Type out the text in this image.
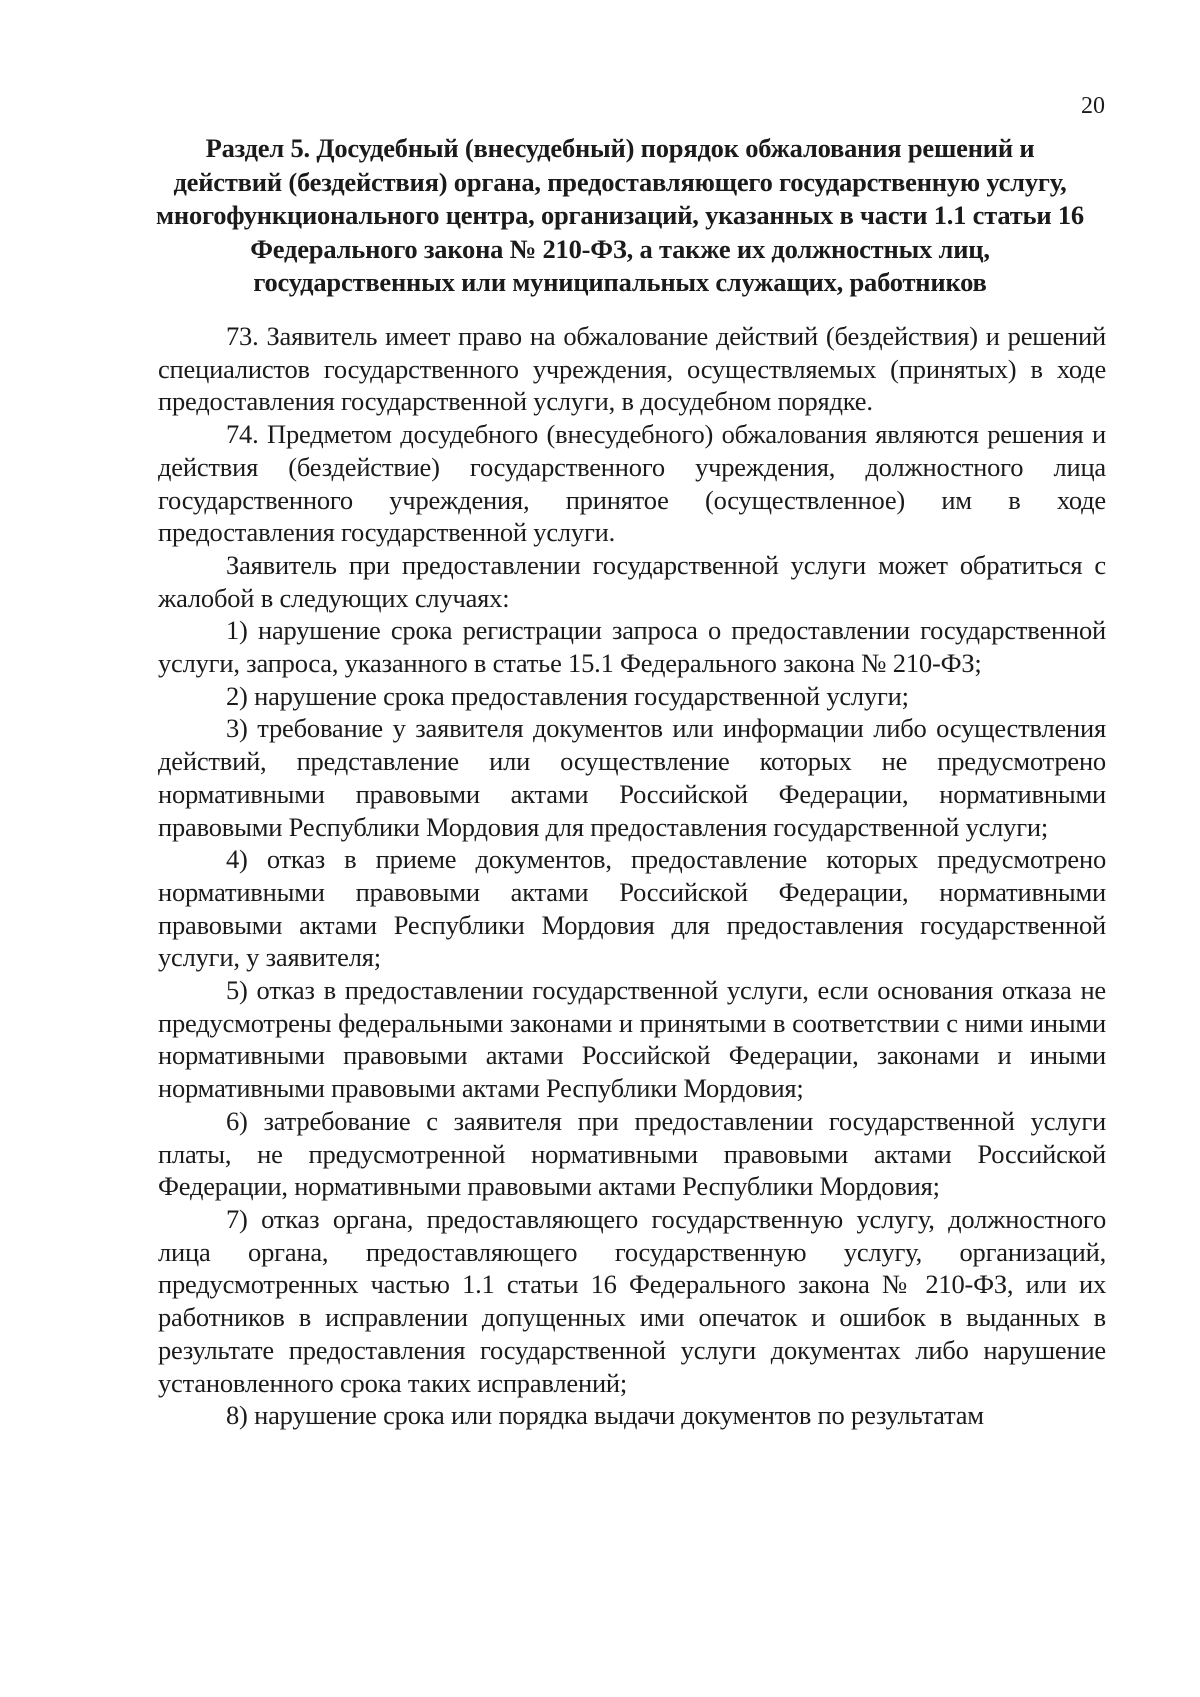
20
Раздел 5. Досудебный (внесудебный) порядок обжалования решений и действий (бездействия) органа, предоставляющего государственную услугу, многофункционального центра, организаций, указанных в части 1.1 статьи 16 Федерального закона № 210-ФЗ, а также их должностных лиц, государственных или муниципальных служащих, работников

73. Заявитель имеет право на обжалование действий (бездействия) и решений специалистов государственного учреждения, осуществляемых (принятых) в ходе предоставления государственной услуги, в досудебном порядке.

74. Предметом досудебного (внесудебного) обжалования являются решения и действия (бездействие) государственного учреждения, должностного лица государственного учреждения, принятое (осуществленное) им в ходе предоставления государственной услуги.

Заявитель при предоставлении государственной услуги может обратиться с жалобой в следующих случаях:

1) нарушение срока регистрации запроса о предоставлении государственной услуги, запроса, указанного в статье 15.1 Федерального закона № 210-ФЗ;

2) нарушение срока предоставления государственной услуги;

3) требование у заявителя документов или информации либо осуществления действий, представление или осуществление которых не предусмотрено нормативными правовыми актами Российской Федерации, нормативными правовыми Республики Мордовия для предоставления государственной услуги;

4) отказ в приеме документов, предоставление которых предусмотрено нормативными правовыми актами Российской Федерации, нормативными правовыми актами Республики Мордовия для предоставления государственной услуги, у заявителя;

5) отказ в предоставлении государственной услуги, если основания отказа не предусмотрены федеральными законами и принятыми в соответствии с ними иными нормативными правовыми актами Российской Федерации, законами и иными нормативными правовыми актами Республики Мордовия;

6) затребование с заявителя при предоставлении государственной услуги платы, не предусмотренной нормативными правовыми актами Российской Федерации, нормативными правовыми актами Республики Мордовия;

7) отказ органа, предоставляющего государственную услугу, должностного лица органа, предоставляющего государственную услугу, организаций, предусмотренных частью 1.1 статьи 16 Федерального закона № 210-ФЗ, или их работников в исправлении допущенных ими опечаток и ошибок в выданных в результате предоставления государственной услуги документах либо нарушение установленного срока таких исправлений;

8) нарушение срока или порядка выдачи документов по результатам
